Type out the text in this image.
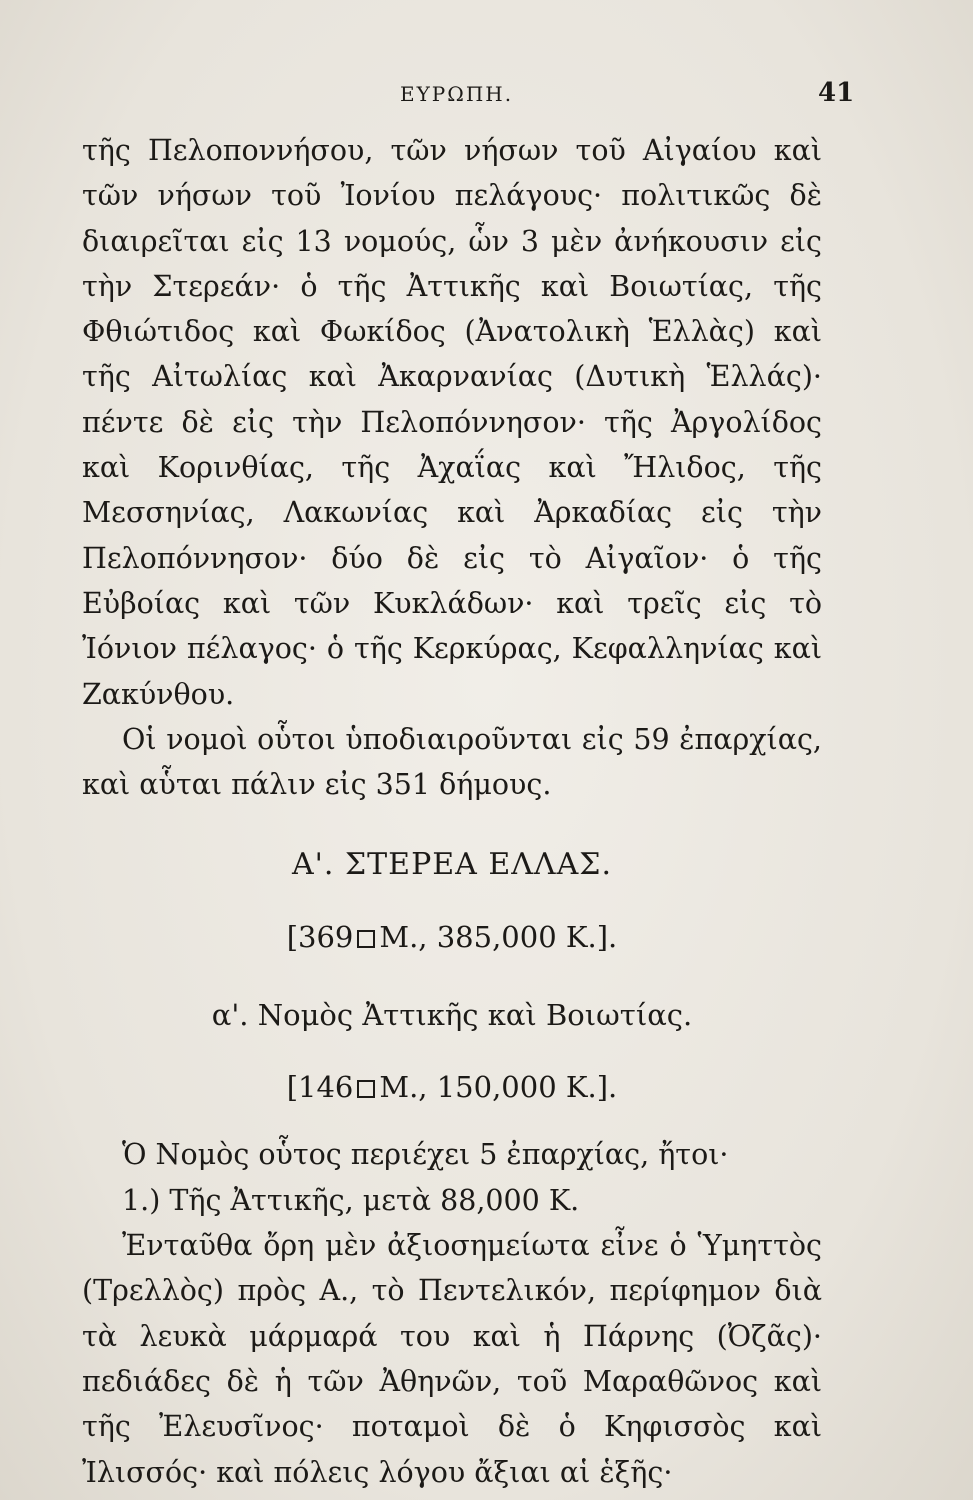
ΕΥΡΩΠΗ.	41

τῆς Πελοποννήσου, τῶν νήσων τοῦ Αἰγαίου καὶ τῶν νήσων τοῦ Ἰονίου πελάγους· πολιτικῶς δὲ διαιρεῖται εἰς 13 νομούς, ὧν 3 μὲν ἀνήκουσιν εἰς τὴν Στερεάν· ὁ τῆς Ἀττικῆς καὶ Βοιωτίας, τῆς Φθιώτιδος καὶ Φωκίδος (Ἀνατολικὴ Ἑλλὰς) καὶ τῆς Αἰτωλίας καὶ Ἀκαρνανίας (Δυτικὴ Ἑλλάς)· πέντε δὲ εἰς τὴν Πελοπόννησον· τῆς Ἀργολίδος καὶ Κορινθίας, τῆς Ἀχαΐας καὶ Ἤλιδος, τῆς Μεσσηνίας, Λακωνίας καὶ Ἀρκαδίας εἰς τὴν Πελοπόννησον· δύο δὲ εἰς τὸ Αἰγαῖον· ὁ τῆς Εὐβοίας καὶ τῶν Κυκλάδων· καὶ τρεῖς εἰς τὸ Ἰόνιον πέλαγος· ὁ τῆς Κερκύρας, Κεφαλληνίας καὶ Ζακύνθου.

Οἱ νομοὶ οὗτοι ὑποδιαιροῦνται εἰς 59 ἐπαρχίας, καὶ αὗται πάλιν εἰς 351 δήμους.

Α'. ΣΤΕΡΕΑ ΕΛΛΑΣ.

[369 Μ., 385,000 Κ.].

α'. Νομὸς Ἀττικῆς καὶ Βοιωτίας.

[146 Μ., 150,000 Κ.].

Ὁ Νομὸς οὗτος περιέχει 5 ἐπαρχίας, ἤτοι·

1.) Τῆς Ἀττικῆς, μετὰ 88,000 Κ.

Ἐνταῦθα ὄρη μὲν ἀξιοσημείωτα εἶνε ὁ Ὑμηττὸς (Τρελλὸς) πρὸς Α., τὸ Πεντελικόν, περίφημον διὰ τὰ λευκὰ μάρμαρά του καὶ ἡ Πάρνης (Ὀζᾶς)· πεδιάδες δὲ ἡ τῶν Ἀθηνῶν, τοῦ Μαραθῶνος καὶ τῆς Ἐλευσῖνος· ποταμοὶ δὲ ὁ Κηφισσὸς καὶ Ἰλισσός· καὶ πόλεις λόγου ἄξιαι αἱ ἑξῆς·
